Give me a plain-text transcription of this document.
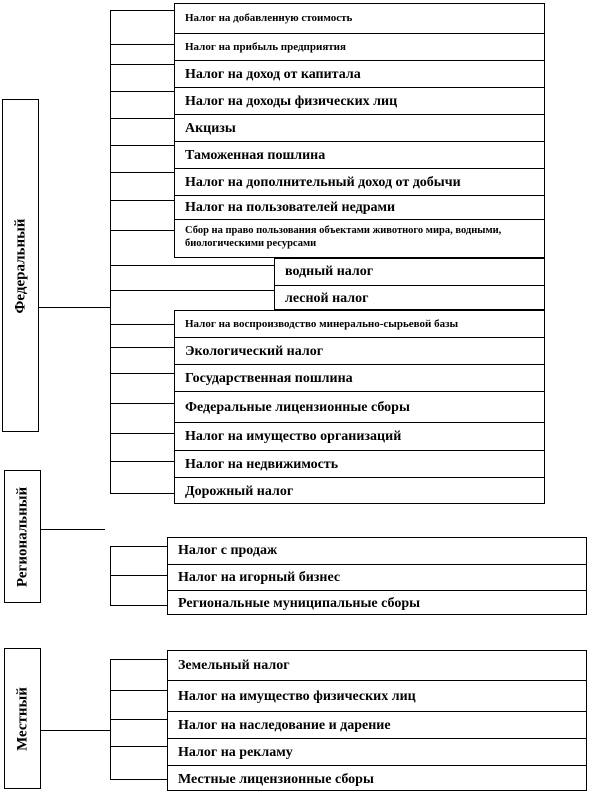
Федеральный
Региональный
Местный
Налог на добавленную стоимость
Налог на прибыль предприятия
Налог на доход от капитала
Налог на доходы физических лиц
Акцизы
Таможенная пошлина
Налог на дополнительный доход от добычи
Налог на пользователей недрами
Сбор на право пользования объектами животного мира, водными, биологическими ресурсами
водный налог
лесной налог
Налог на воспроизводство минерально-сырьевой базы
Экологический налог
Государственная пошлина
Федеральные лицензионные сборы
Налог на имущество организаций
Налог на недвижимость
Дорожный налог
Налог с продаж
Налог на игорный бизнес
Региональные муниципальные сборы
Земельный налог
Налог на имущество физических лиц
Налог на наследование и дарение
Налог на рекламу
Местные лицензионные сборы
